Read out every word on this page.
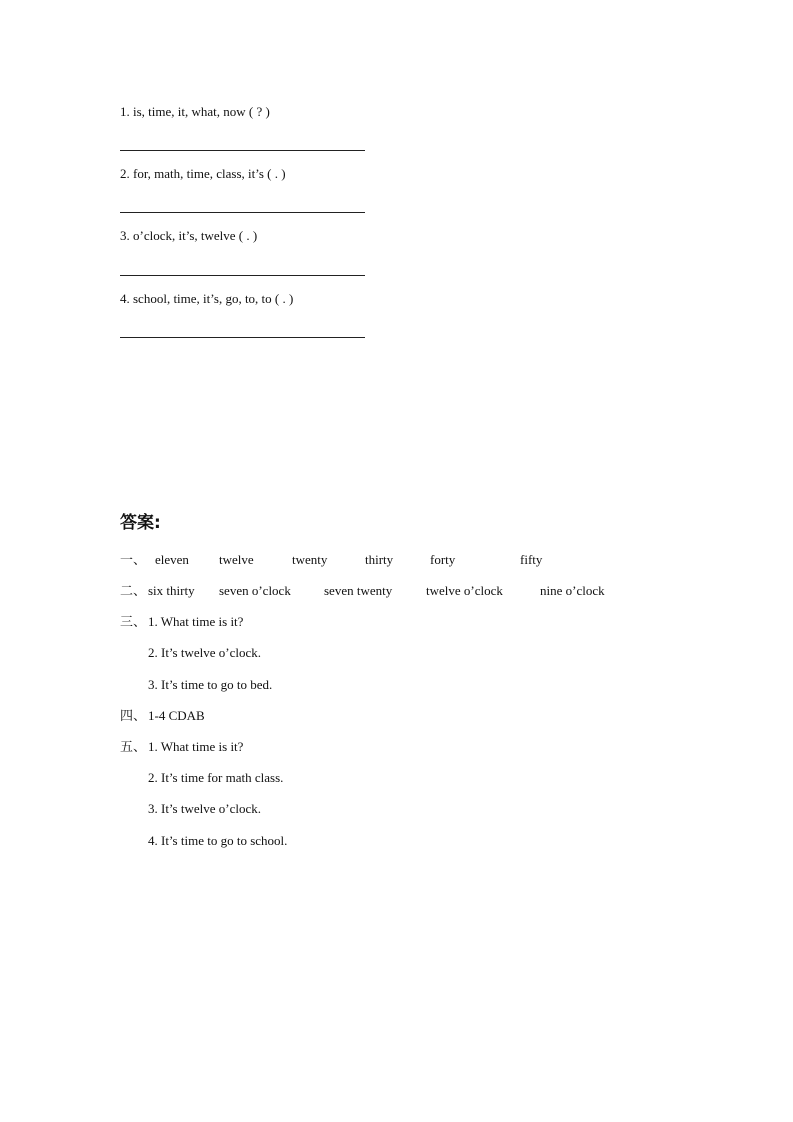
1. is, time, it, what, now ( ? )
2. for, math, time, class, it’s ( . )
3. o’clock, it’s, twelve ( . )
4. school, time, it’s, go, to, to ( . )
答案:
一、 eleven twelve	twenty	thirty	forty	fifty
二、 six thirty seven o’clock	seven twenty	twelve o’clock	nine o’clock
三、 1. What time is it?
2. It’s twelve o’clock.
3. It’s time to go to bed.
四、 1-4 CDAB
五、 1. What time is it?
2. It’s time for math class.
3. It’s twelve o’clock.
4. It’s time to go to school.
